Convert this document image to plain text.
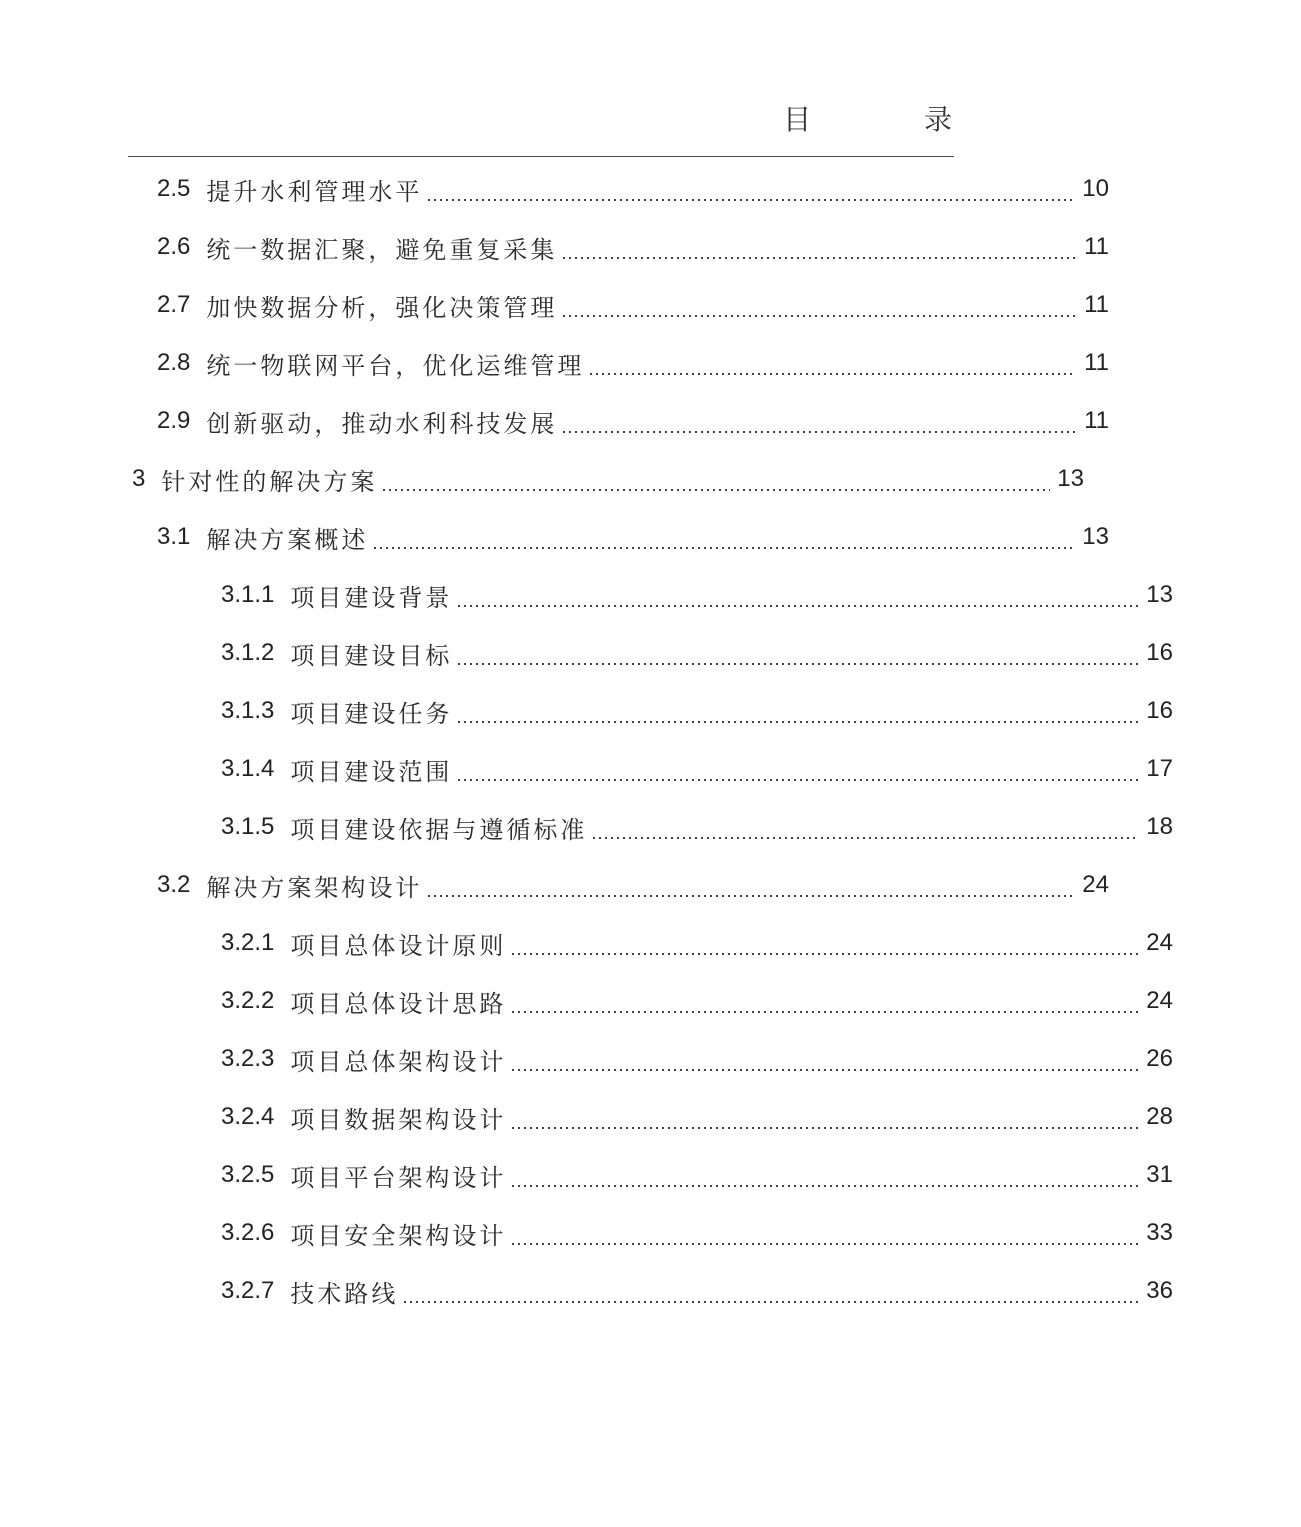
目 录
2.5 提升水利管理水平	10
2.6 统一数据汇聚，避免重复采集	11
2.7 加快数据分析，强化决策管理	11
2.8 统一物联网平台，优化运维管理	11
2.9 创新驱动，推动水利科技发展	11
3 针对性的解决方案	13
3.1 解决方案概述	13
3.1.1 项目建设背景	13
3.1.2 项目建设目标	16
3.1.3 项目建设任务	16
3.1.4 项目建设范围	17
3.1.5 项目建设依据与遵循标准	18
3.2 解决方案架构设计	24
3.2.1 项目总体设计原则	24
3.2.2 项目总体设计思路	24
3.2.3 项目总体架构设计	26
3.2.4 项目数据架构设计	28
3.2.5 项目平台架构设计	31
3.2.6 项目安全架构设计	33
3.2.7 技术路线	36
